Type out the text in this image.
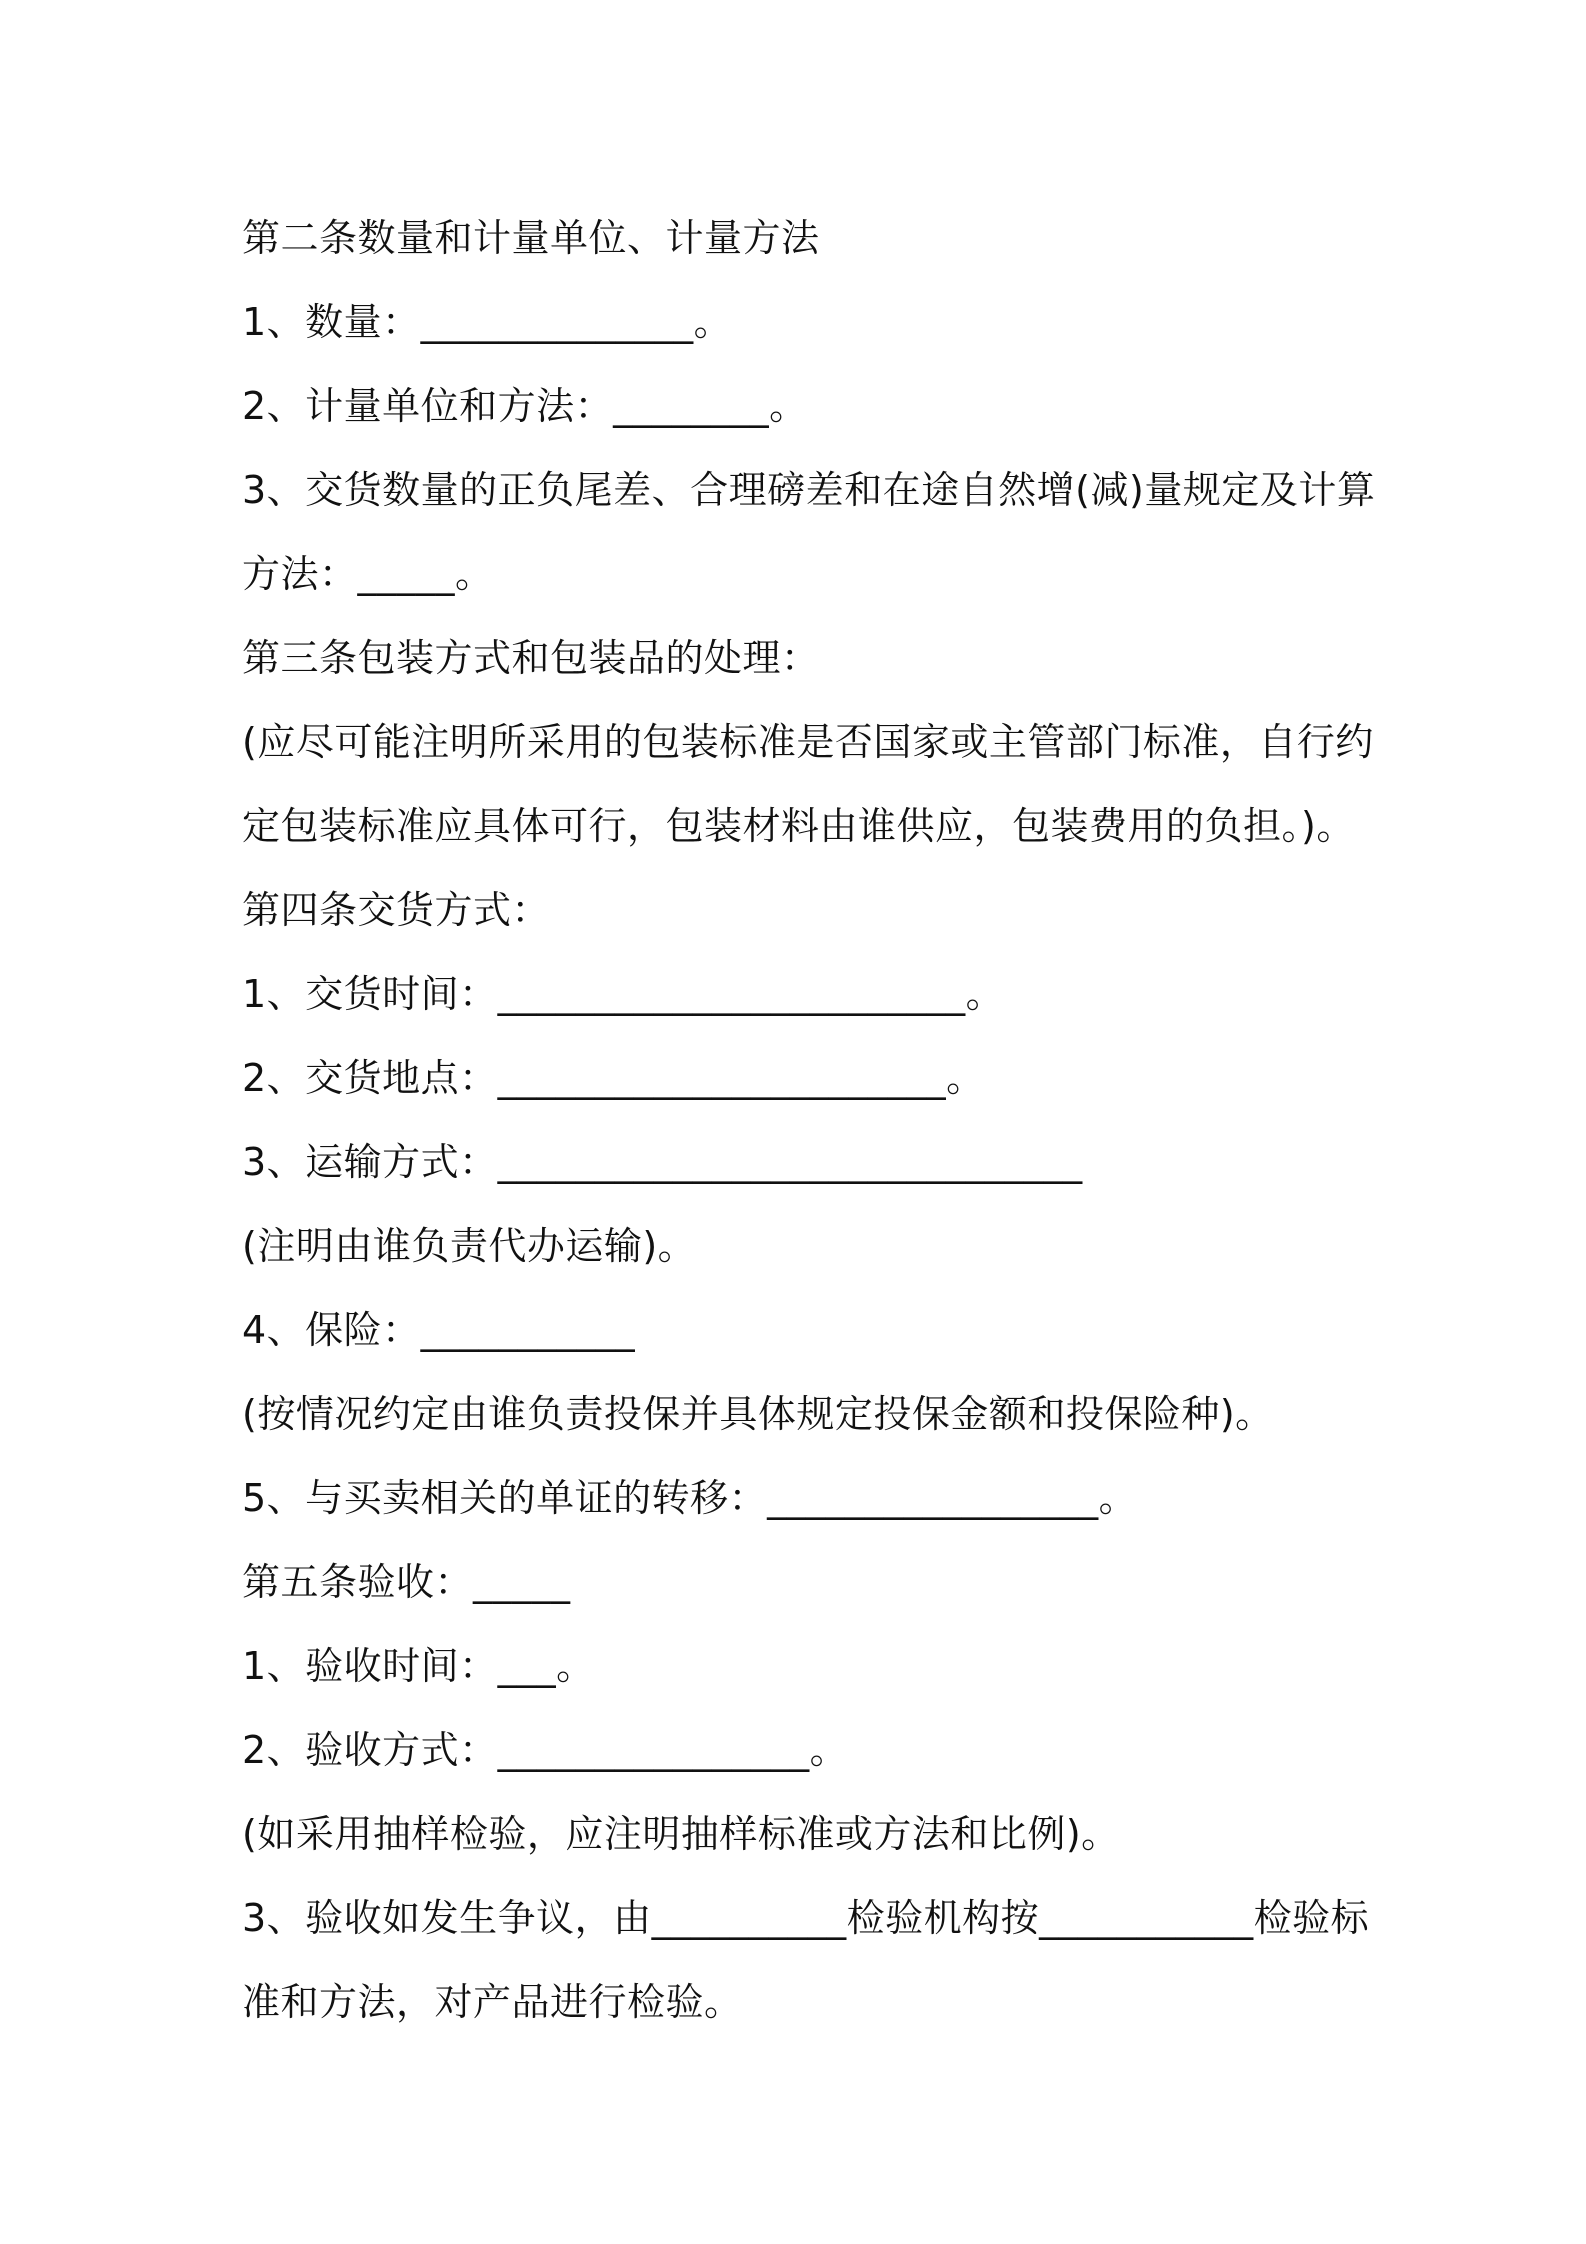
第二条数量和计量单位、计量方法
1、数量：______________。
2、计量单位和方法：________。
3、交货数量的正负尾差、合理磅差和在途自然增(减)量规定及计算
方法：_____。
第三条包装方式和包装品的处理：
(应尽可能注明所采用的包装标准是否国家或主管部门标准，自行约
定包装标准应具体可行，包装材料由谁供应，包装费用的负担。)。
第四条交货方式：
1、交货时间：________________________。
2、交货地点：_______________________。
3、运输方式：______________________________
(注明由谁负责代办运输)。
4、保险：___________
(按情况约定由谁负责投保并具体规定投保金额和投保险种)。
5、与买卖相关的单证的转移：_________________。
第五条验收：_____
1、验收时间：___。
2、验收方式：________________。
(如采用抽样检验，应注明抽样标准或方法和比例)。
3、验收如发生争议，由__________检验机构按___________检验标
准和方法，对产品进行检验。
